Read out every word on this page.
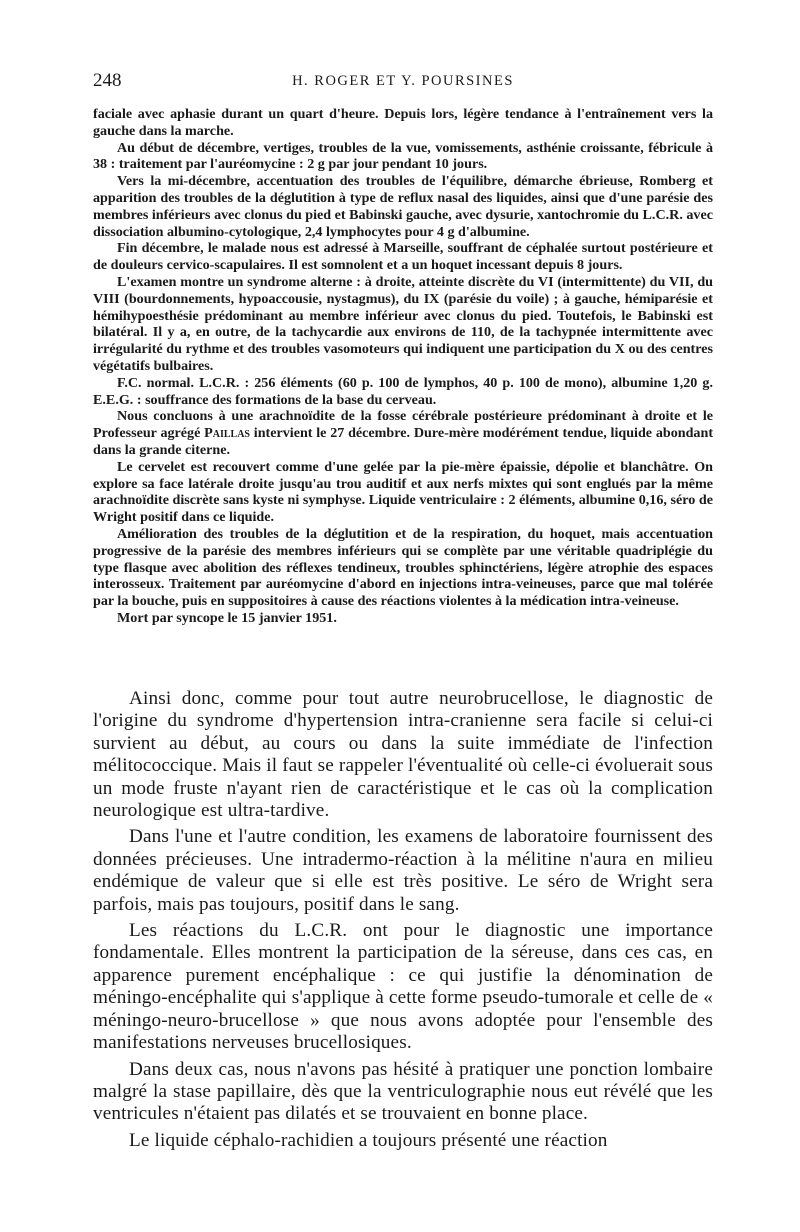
248	H. ROGER ET Y. POURSINES

faciale avec aphasie durant un quart d'heure. Depuis lors, légère tendance à l'entraînement vers la gauche dans la marche.

Au début de décembre, vertiges, troubles de la vue, vomissements, asthénie croissante, fébricule à 38 : traitement par l'auréomycine : 2 g par jour pendant 10 jours.

Vers la mi-décembre, accentuation des troubles de l'équilibre, démarche ébrieuse, Romberg et apparition des troubles de la déglutition à type de reflux nasal des liquides, ainsi que d'une parésie des membres inférieurs avec clonus du pied et Babinski gauche, avec dysurie, xantochromie du L.C.R. avec dissociation albumino-cytologique, 2,4 lymphocytes pour 4 g d'albumine.

Fin décembre, le malade nous est adressé à Marseille, souffrant de céphalée surtout postérieure et de douleurs cervico-scapulaires. Il est somnolent et a un hoquet incessant depuis 8 jours.

L'examen montre un syndrome alterne : à droite, atteinte discrète du VI (intermittente) du VII, du VIII (bourdonnements, hypoaccousie, nystagmus), du IX (parésie du voile) ; à gauche, hémiparésie et hémihypoesthésie prédominant au membre inférieur avec clonus du pied. Toutefois, le Babinski est bilatéral. Il y a, en outre, de la tachycardie aux environs de 110, de la tachypnée intermittente avec irrégularité du rythme et des troubles vasomoteurs qui indiquent une participation du X ou des centres végétatifs bulbaires.

F.C. normal. L.C.R. : 256 éléments (60 p. 100 de lymphos, 40 p. 100 de mono), albumine 1,20 g. E.E.G. : souffrance des formations de la base du cerveau.

Nous concluons à une arachnoïdite de la fosse cérébrale postérieure prédominant à droite et le Professeur agrégé Paillas intervient le 27 décembre. Dure-mère modérément tendue, liquide abondant dans la grande citerne.

Le cervelet est recouvert comme d'une gelée par la pie-mère épaissie, dépolie et blanchâtre. On explore sa face latérale droite jusqu'au trou auditif et aux nerfs mixtes qui sont englués par la même arachnoïdite discrète sans kyste ni symphyse. Liquide ventriculaire : 2 éléments, albumine 0,16, séro de Wright positif dans ce liquide.

Amélioration des troubles de la déglutition et de la respiration, du hoquet, mais accentuation progressive de la parésie des membres inférieurs qui se complète par une véritable quadriplégie du type flasque avec abolition des réflexes tendineux, troubles sphinctériens, légère atrophie des espaces interosseux. Traitement par auréomycine d'abord en injections intra-veineuses, parce que mal tolérée par la bouche, puis en suppositoires à cause des réactions violentes à la médication intra-veineuse.

Mort par syncope le 15 janvier 1951.

Ainsi donc, comme pour tout autre neurobrucellose, le diagnostic de l'origine du syndrome d'hypertension intra-cranienne sera facile si celui-ci survient au début, au cours ou dans la suite immédiate de l'infection mélitococcique. Mais il faut se rappeler l'éventualité où celle-ci évoluerait sous un mode fruste n'ayant rien de caractéristique et le cas où la complication neurologique est ultra-tardive.

Dans l'une et l'autre condition, les examens de laboratoire fournissent des données précieuses. Une intradermo-réaction à la mélitine n'aura en milieu endémique de valeur que si elle est très positive. Le séro de Wright sera parfois, mais pas toujours, positif dans le sang.

Les réactions du L.C.R. ont pour le diagnostic une importance fondamentale. Elles montrent la participation de la séreuse, dans ces cas, en apparence purement encéphalique : ce qui justifie la dénomination de méningo-encéphalite qui s'applique à cette forme pseudo-tumorale et celle de « méningo-neuro-brucellose » que nous avons adoptée pour l'ensemble des manifestations nerveuses brucellosiques.

Dans deux cas, nous n'avons pas hésité à pratiquer une ponction lombaire malgré la stase papillaire, dès que la ventriculographie nous eut révélé que les ventricules n'étaient pas dilatés et se trouvaient en bonne place.

Le liquide céphalo-rachidien a toujours présenté une réaction
